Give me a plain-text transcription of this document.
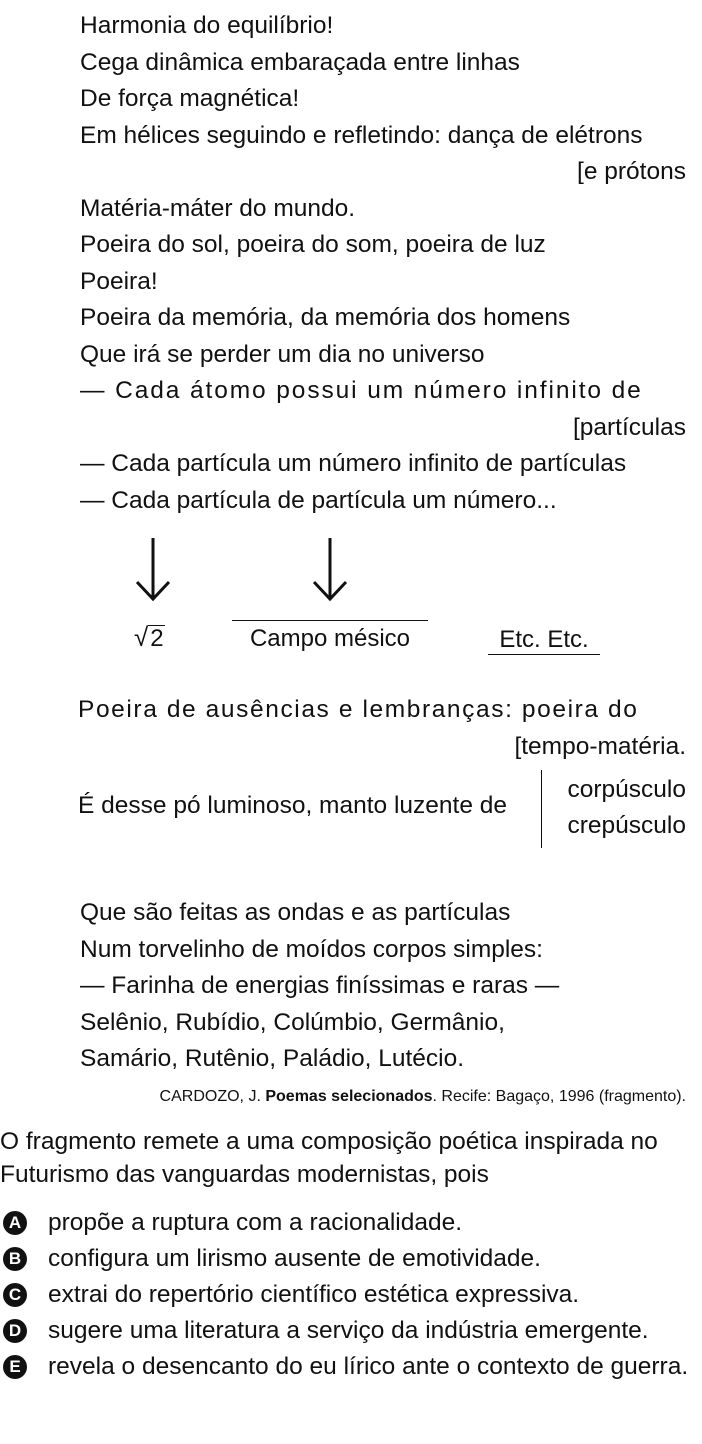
Harmonia do equilíbrio!
Cega dinâmica embaraçada entre linhas
De força magnética!
Em hélices seguindo e refletindo: dança de elétrons
[e prótons
Matéria-máter do mundo.
Poeira do sol, poeira do som, poeira de luz
Poeira!
Poeira da memória, da memória dos homens
Que irá se perder um dia no universo
— Cada átomo possui um número infinito de
[partículas
— Cada partícula um número infinito de partículas
— Cada partícula de partícula um número...
√2	Campo mésico	Etc. Etc.
Poeira de ausências e lembranças: poeira do
[tempo-matéria.
É desse pó luminoso, manto luzente de
corpúsculo
crepúsculo
Que são feitas as ondas e as partículas
Num torvelinho de moídos corpos simples:
— Farinha de energias finíssimas e raras —
Selênio, Rubídio, Colúmbio, Germânio,
Samário, Rutênio, Paládio, Lutécio.
CARDOZO, J. Poemas selecionados. Recife: Bagaço, 1996 (fragmento).
O fragmento remete a uma composição poética inspirada no Futurismo das vanguardas modernistas, pois
A propõe a ruptura com a racionalidade.
B configura um lirismo ausente de emotividade.
C extrai do repertório científico estética expressiva.
D sugere uma literatura a serviço da indústria emergente.
E revela o desencanto do eu lírico ante o contexto de guerra.
